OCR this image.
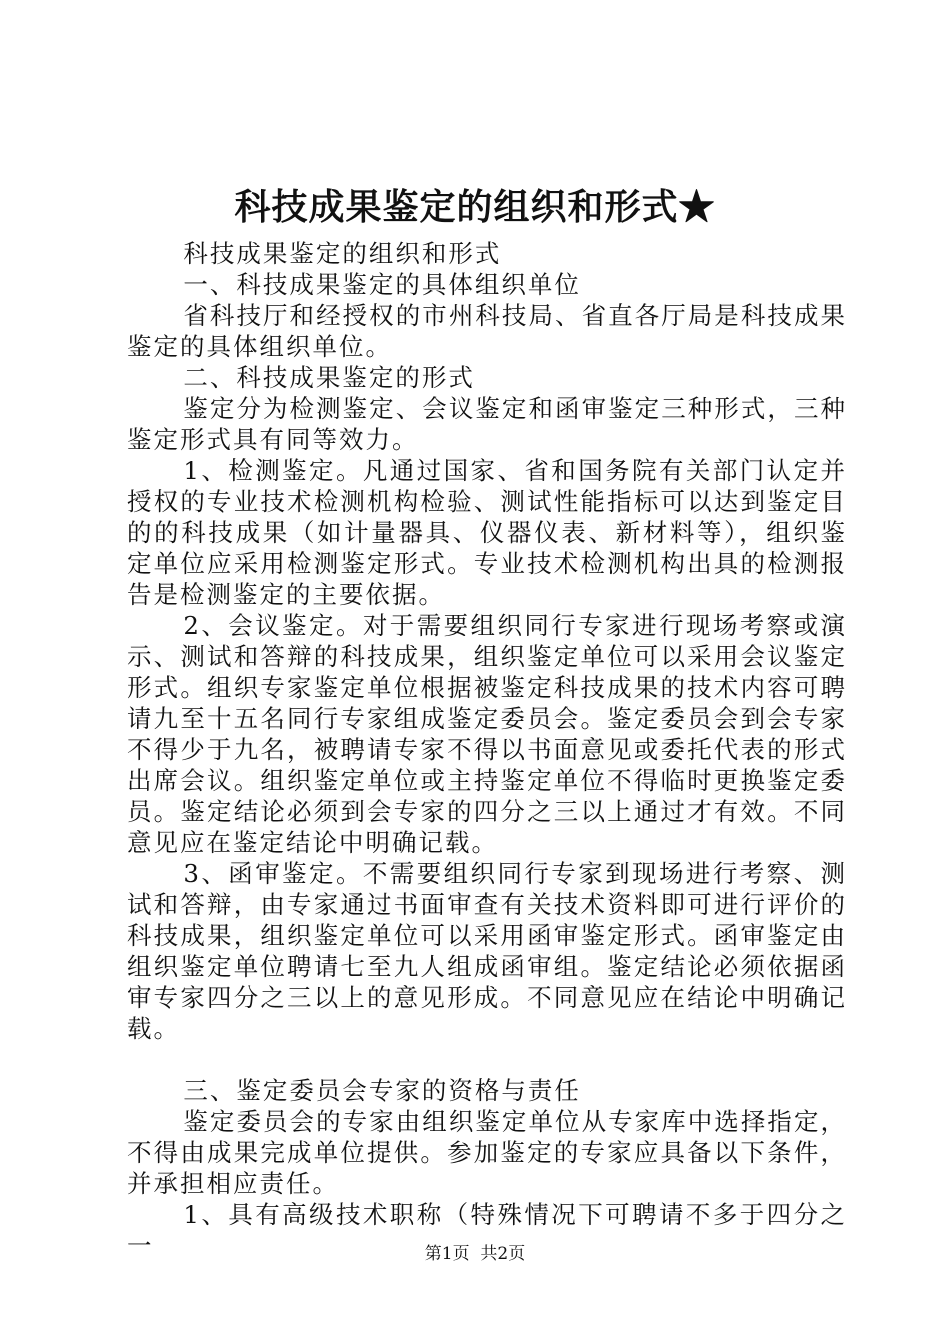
科技成果鉴定的组织和形式★

科技成果鉴定的组织和形式

一、科技成果鉴定的具体组织单位

省科技厅和经授权的市州科技局、省直各厅局是科技成果鉴定的具体组织单位。

二、科技成果鉴定的形式

鉴定分为检测鉴定、会议鉴定和函审鉴定三种形式，三种鉴定形式具有同等效力。

1、检测鉴定。凡通过国家、省和国务院有关部门认定并授权的专业技术检测机构检验、测试性能指标可以达到鉴定目的的科技成果（如计量器具、仪器仪表、新材料等），组织鉴定单位应采用检测鉴定形式。专业技术检测机构出具的检测报告是检测鉴定的主要依据。

2、会议鉴定。对于需要组织同行专家进行现场考察或演示、测试和答辩的科技成果，组织鉴定单位可以采用会议鉴定形式。组织专家鉴定单位根据被鉴定科技成果的技术内容可聘请九至十五名同行专家组成鉴定委员会。鉴定委员会到会专家不得少于九名，被聘请专家不得以书面意见或委托代表的形式出席会议。组织鉴定单位或主持鉴定单位不得临时更换鉴定委员。鉴定结论必须到会专家的四分之三以上通过才有效。不同意见应在鉴定结论中明确记载。

3、函审鉴定。不需要组织同行专家到现场进行考察、测试和答辩，由专家通过书面审查有关技术资料即可进行评价的科技成果，组织鉴定单位可以采用函审鉴定形式。函审鉴定由组织鉴定单位聘请七至九人组成函审组。鉴定结论必须依据函审专家四分之三以上的意见形成。不同意见应在结论中明确记载。

三、鉴定委员会专家的资格与责任

鉴定委员会的专家由组织鉴定单位从专家库中选择指定，不得由成果完成单位提供。参加鉴定的专家应具备以下条件，并承担相应责任。

1、具有高级技术职称（特殊情况下可聘请不多于四分之一	第1页 共2页
